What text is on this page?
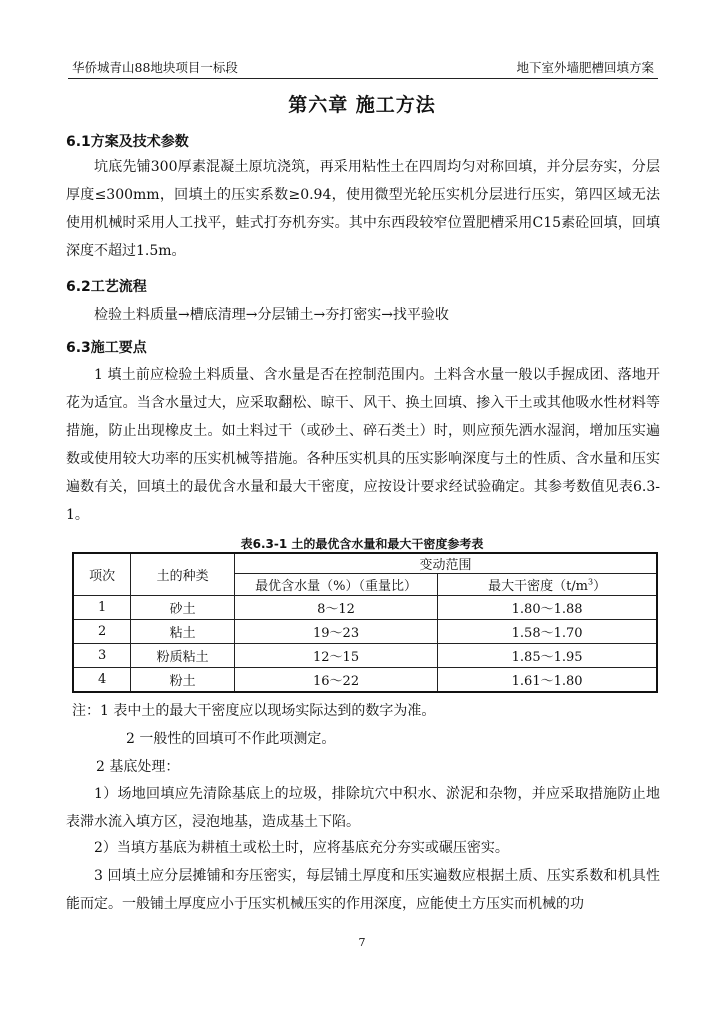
华侨城青山88地块项目一标段	地下室外墙肥槽回填方案
第六章 施工方法
6.1方案及技术参数
坑底先铺300厚素混凝土原坑浇筑，再采用粘性土在四周均匀对称回填，并分层夯实，分层厚度≤300mm，回填土的压实系数≥0.94，使用微型光轮压实机分层进行压实，第四区域无法使用机械时采用人工找平，蛙式打夯机夯实。其中东西段较窄位置肥槽采用C15素砼回填，回填深度不超过1.5m。
6.2工艺流程
检验土料质量→槽底清理→分层铺土→夯打密实→找平验收
6.3施工要点
1 填土前应检验土料质量、含水量是否在控制范围内。土料含水量一般以手握成团、落地开花为适宜。当含水量过大，应采取翻松、晾干、风干、换土回填、掺入干土或其他吸水性材料等措施，防止出现橡皮土。如土料过干（或砂土、碎石类土）时，则应预先洒水湿润，增加压实遍数或使用较大功率的压实机械等措施。各种压实机具的压实影响深度与土的性质、含水量和压实遍数有关，回填土的最优含水量和最大干密度，应按设计要求经试验确定。其参考数值见表6.3-1。
表6.3-1 土的最优含水量和最大干密度参考表
项次	土的种类	变动范围	
		最优含水量（%）（重量比）	最大干密度$(t/m^3)$
1	砂土	8～12	1.80～1.88
2	粘土	19～23	1.58～1.70
3	粉质粘土	12～15	1.85～1.95
4	粉土	16～22	1.61～1.80
注：1 表中土的最大干密度应以现场实际达到的数字为准。
2 一般性的回填可不作此项测定。
2 基底处理：
1）场地回填应先清除基底上的垃圾，排除坑穴中积水、淤泥和杂物，并应采取措施防止地表滞水流入填方区，浸泡地基，造成基土下陷。
2）当填方基底为耕植土或松土时，应将基底充分夯实或碾压密实。
3 回填土应分层摊铺和夯压密实，每层铺土厚度和压实遍数应根据土质、压实系数和机具性能而定。一般铺土厚度应小于压实机械压实的作用深度，应能使土方压实而机械的功
7
